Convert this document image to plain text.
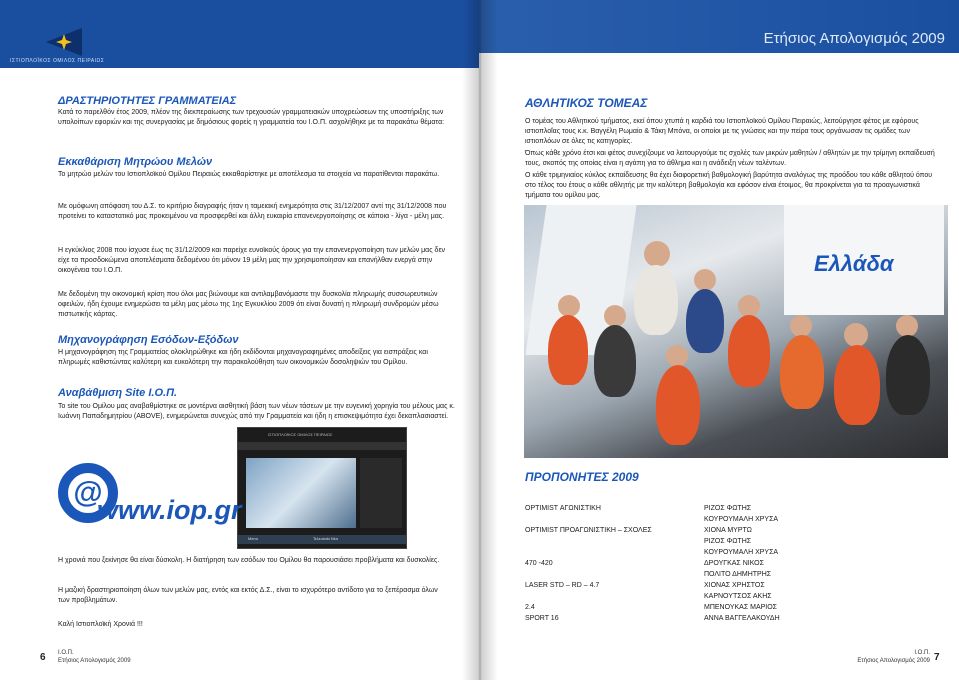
ΙΣΤΙΟΠΛΟΪΚΟΣ ΟΜΙΛΟΣ ΠΕΙΡΑΙΩΣ
ΔΡΑΣΤΗΡΙΟΤΗΤΕΣ ΓΡΑΜΜΑΤΕΙΑΣ

Κατά το παρελθόν έτος 2009, πλέον της διεκπεραίωσης των τρεχουσών γραμματειακών υποχρεώσεων της υποστήριξης των υπολοίπων εφοριών και της συνεργασίας με δημόσιους φορείς η γραμματεία του Ι.Ο.Π. ασχολήθηκε με τα παρακάτω θέματα:

Εκκαθάριση Μητρώου Μελών

Το μητρώο μελών του Ιστιοπλοϊκού Ομίλου Πειραιώς εκκαθαρίστηκε με αποτέλεσμα τα στοιχεία να παρατίθενται παρακάτω.

Με ομόφωνη απόφαση του Δ.Σ. το κριτήριο διαγραφής ήταν η ταμειακή ενημερότητα στις 31/12/2007 αντί της 31/12/2008 που προτείνει το καταστατικό μας προκειμένου να προσφερθεί και άλλη ευκαιρία επανενεργοποίησης σε κάποια - λίγα - μέλη μας.

Η εγκύκλιος 2008 που ίσχυσε έως τις 31/12/2009 και παρείχε ευνοϊκούς όρους για την επανενεργοποίηση των μελών μας δεν είχε τα προσδοκώμενα αποτελέσματα δεδομένου ότι μόνον 19 μέλη μας την χρησιμοποίησαν και επανήλθαν ενεργά στην οικογένεια του Ι.Ο.Π.

Με δεδομένη την οικονομική κρίση που όλοι μας βιώνουμε και αντιλαμβανόμαστε την δυσκολία πληρωμής συσσωρευτικών οφειλών, ήδη έχουμε ενημερώσει τα μέλη μας μέσω της 1ης Εγκυκλίου 2009 ότι είναι δυνατή η πληρωμή συνδρομών μέσω πιστωτικής κάρτας.

Μηχανογράφηση Εσόδων-Εξόδων

Η μηχανογράφηση της Γραμματείας ολοκληρώθηκε και ήδη εκδίδονται μηχανογραφημένες αποδείξεις για εισπράξεις και πληρωμές καθιστώντας καλύτερη και ευκολότερη την παρακολούθηση των οικονομικών δοσοληψιών του Ομίλου.

Αναβάθμιση Site I.O.Π.

Το site του Ομίλου μας αναβαθμίστηκε σε μοντέρνα αισθητική βάση των νέων τάσεων με την ευγενική χορηγία του μέλους μας κ. Ιωάννη Παπαδημητρίου (ABOVE), ενημερώνεται συνεχώς από την Γραμματεία και ήδη η επισκεψιμότητα έχει δεκαπλασιαστεί.

ΙΣΤΙΟΠΛΟΪΚΟΣ ΟΜΙΛΟΣ ΠΕΙΡΑΙΩΣ
Menu	Τελευταία Νέα
@
www.iop.gr

Η χρονιά που ξεκίνησε θα είναι δύσκολη. Η διατήρηση των εσόδων του Ομίλου θα παρουσιάσει προβλήματα και δυσκολίες.

Η μαζική δραστηριοποίηση όλων των μελών μας, εντός και εκτός Δ.Σ., είναι το ισχυρότερο αντίδοτο για το ξεπέρασμα όλων των προβλημάτων.

Καλή Ιστιοπλοϊκή Χρονιά !!!

6 Ι.Ο.Π.
Ετήσιος Απολογισμός 2009
Ετήσιος Απολογισμός 2009
ΑΘΛΗΤΙΚΟΣ ΤΟΜΕΑΣ

Ο τομέας του Αθλητικού τμήματος, εκεί όπου χτυπά η καρδιά του Ιστιοπλοϊκού Ομίλου Πειραιώς, λειτούργησε φέτος με εφόρους ιστιοπλοΐας τους κ.κ. Βαγγέλη Ρωμαίο & Τάκη Μπόνα, οι οποίοι με τις γνώσεις και την πείρα τους οργάνωσαν τις ομάδες των ιστιοπλόων σε όλες τις κατηγορίες.

Όπως κάθε χρόνο έτσι και φέτος συνεχίζουμε να λειτουργούμε τις σχολές των μικρών μαθητών / αθλητών με την τρίμηνη εκπαίδευσή τους, σκοπός της οποίας είναι η αγάπη για το άθλημα και η ανάδειξη νέων ταλέντων.

Ο κάθε τριμηνιαίος κύκλος εκπαίδευσης θα έχει διαφορετική βαθμολογική βαρύτητα αναλόγως της προόδου του κάθε αθλητού όπου στο τέλος του έτους ο κάθε αθλητής με την καλύτερη βαθμολογία και εφόσον είναι έτοιμος, θα προκρίνεται για τα προαγωνιστικά τμήματα του ομίλου μας.

Ελλάδα
ΠΡΟΠΟΝΗΤΕΣ 2009
OPTIMIST ΑΓΩΝΙΣΤΙΚΗ	ΡΙΖΟΣ ΦΩΤΗΣ
ΚΟΥΡΟΥΜΑΛΗ ΧΡΥΣΑ
OPTIMIST ΠΡΟΑΓΩΝΙΣΤΙΚΗ – ΣΧΟΛΕΣ	ΧΙΟΝΑ ΜΥΡΤΩ
ΡΙΖΟΣ ΦΩΤΗΣ
ΚΟΥΡΟΥΜΑΛΗ ΧΡΥΣΑ
470 -420	ΔΡΟΥΓΚΑΣ ΝΙΚΟΣ
ΠΟΛΙΤΟ ΔΗΜΗΤΡΗΣ
LASER STD – RD – 4.7	ΧΙΟΝΑΣ ΧΡΗΣΤΟΣ
ΚΑΡΝΟΥΤΣΟΣ ΑΚΗΣ
2.4	ΜΠΕΝΟΥΚΑΣ ΜΑΡΙΟΣ
SPORT 16	ΑΝΝΑ ΒΑΓΓΕΛΑΚΟΥΔΗ
Ι.Ο.Π.
Ετήσιος Απολογισμός 2009 7
